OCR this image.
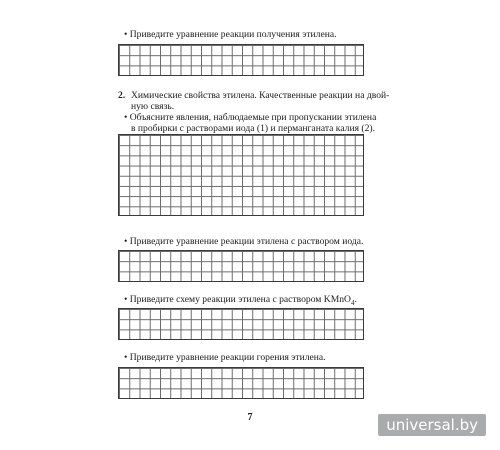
• Приведите уравнение реакции получения этилена.
2. Химические свойства этилена. Качественные реакции на двой-
ную связь.
• Объясните явления, наблюдаемые при пропускании этилена
в пробирки с растворами иода (1) и перманганата калия (2).
• Приведите уравнение реакции этилена с раствором иода.
• Приведите схему реакции этилена с раствором KMnO$_4$.
• Приведите уравнение реакции горения этилена.
7	universal.by
